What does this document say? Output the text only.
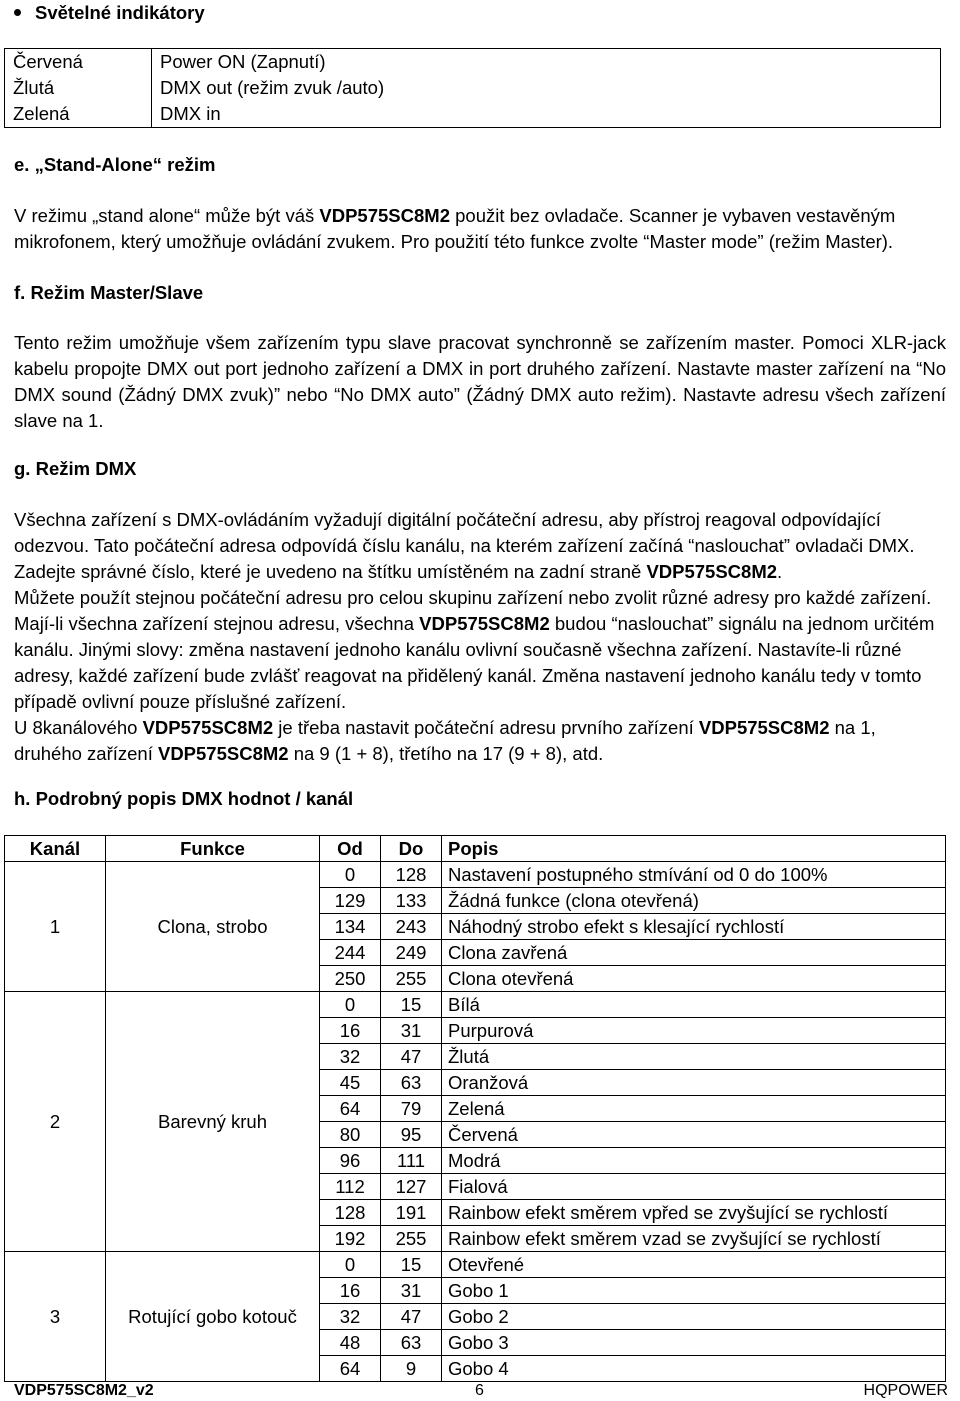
Světelné indikátory
Červená	Power ON (Zapnutí)
Žlutá	DMX out (režim zvuk /auto)
Zelená	DMX in
e. „Stand-Alone“ režim
V režimu „stand alone“ může být váš VDP575SC8M2 použit bez ovladače. Scanner je vybaven vestavěným
mikrofonem, který umožňuje ovládání zvukem. Pro použití této funkce zvolte “Master mode” (režim Master).
f. Režim Master/Slave
Tento režim umožňuje všem zařízením typu slave pracovat synchronně se zařízením master. Pomoci XLR-jack
kabelu propojte DMX out port jednoho zařízení a DMX in port druhého zařízení. Nastavte master zařízení na “No
DMX sound (Žádný DMX zvuk)” nebo “No DMX auto” (Žádný DMX auto režim). Nastavte adresu všech zařízení
slave na 1.
g. Režim DMX
Všechna zařízení s DMX-ovládáním vyžadují digitální počáteční adresu, aby přístroj reagoval odpovídající
odezvou. Tato počáteční adresa odpovídá číslu kanálu, na kterém zařízení začíná “naslouchat” ovladači DMX.
Zadejte správné číslo, které je uvedeno na štítku umístěném na zadní straně VDP575SC8M2.
Můžete použít stejnou počáteční adresu pro celou skupinu zařízení nebo zvolit různé adresy pro každé zařízení.
Mají-li všechna zařízení stejnou adresu, všechna VDP575SC8M2 budou “naslouchat” signálu na jednom určitém
kanálu. Jinými slovy: změna nastavení jednoho kanálu ovlivní současně všechna zařízení. Nastavíte-li různé
adresy, každé zařízení bude zvlášť reagovat na přidělený kanál. Změna nastavení jednoho kanálu tedy v tomto
případě ovlivní pouze příslušné zařízení.
U 8kanálového VDP575SC8M2 je třeba nastavit počáteční adresu prvního zařízení VDP575SC8M2 na 1,
druhého zařízení VDP575SC8M2 na 9 (1 + 8), třetího na 17 (9 + 8), atd.
h. Podrobný popis DMX hodnot / kanál
Kanál	Funkce	Od	Do	Popis
1	Clona, strobo	0	128	Nastavení postupného stmívání od 0 do 100%
		129	133	Žádná funkce (clona otevřená)
		134	243	Náhodný strobo efekt s klesající rychlostí
		244	249	Clona zavřená
		250	255	Clona otevřená
2	Barevný kruh	0	15	Bílá
		16	31	Purpurová
		32	47	Žlutá
		45	63	Oranžová
		64	79	Zelená
		80	95	Červená
		96	111	Modrá
		112	127	Fialová
		128	191	Rainbow efekt směrem vpřed se zvyšující se rychlostí
		192	255	Rainbow efekt směrem vzad se zvyšující se rychlostí
3	Rotující gobo kotouč	0	15	Otevřené
		16	31	Gobo 1
		32	47	Gobo 2
		48	63	Gobo 3
		64	9	Gobo 4
VDP575SC8M2_v2	6	HQPOWER
